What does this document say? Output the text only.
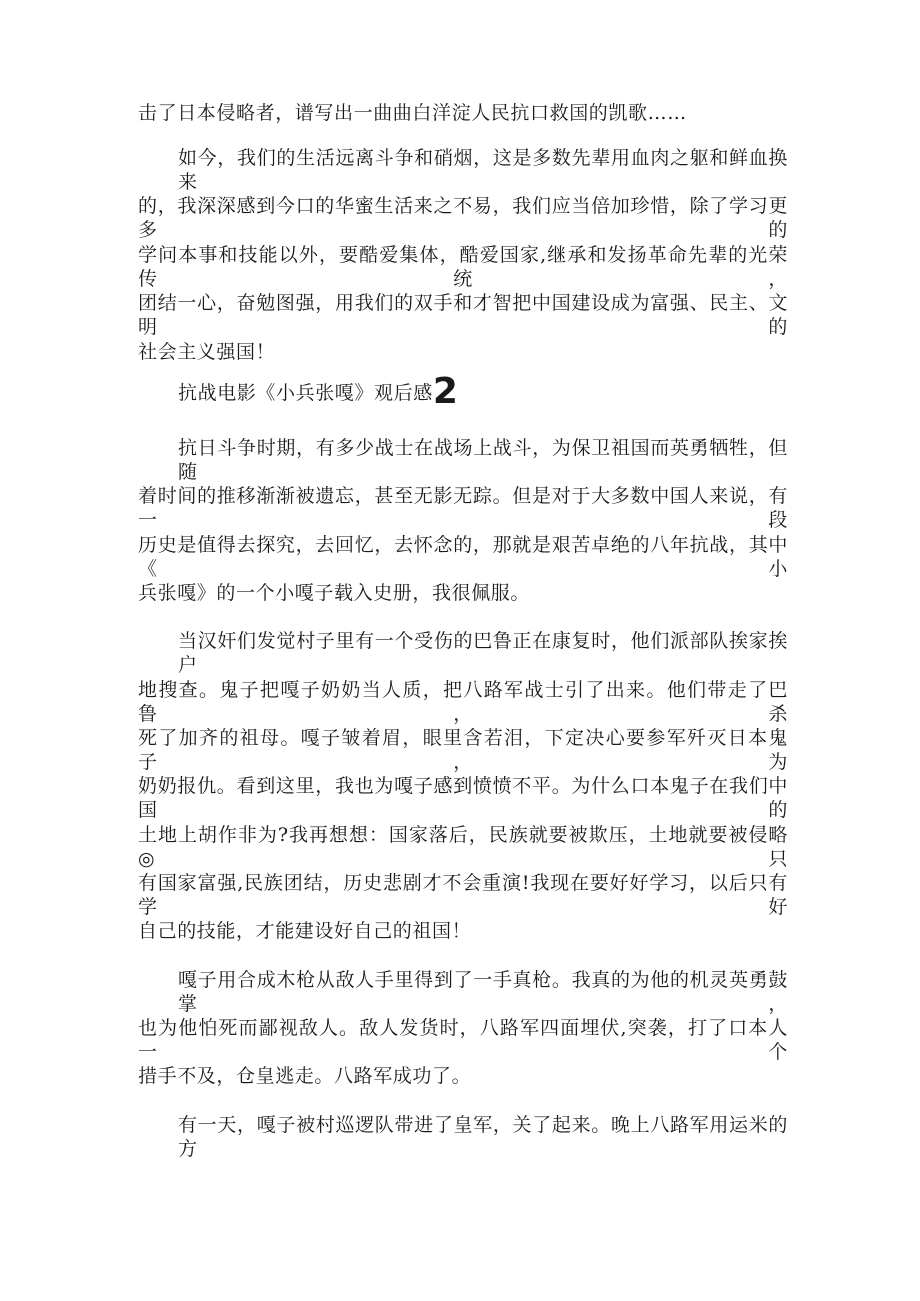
击了日本侵略者，谱写出一曲曲白洋淀人民抗口救国的凯歌……
如今，我们的生活远离斗争和硝烟，这是多数先辈用血肉之躯和鲜血换来
的，我深深感到今口的华蜜生活来之不易，我们应当倍加珍惜，除了学习更多的
学问本事和技能以外，要酷爱集体，酷爱国家,继承和发扬革命先辈的光荣传统，
团结一心，奋勉图强，用我们的双手和才智把中国建设成为富强、民主、文明的
社会主义强国！
抗战电影《小兵张嘎》观后感2
抗日斗争时期，有多少战士在战场上战斗，为保卫祖国而英勇牺牲，但随
着时间的推移渐渐被遗忘，甚至无影无踪。但是对于大多数中国人来说，有一段
历史是值得去探究，去回忆，去怀念的，那就是艰苦卓绝的八年抗战，其中《小
兵张嘎》的一个小嘎子载入史册，我很佩服。
当汉奸们发觉村子里有一个受伤的巴鲁正在康复时，他们派部队挨家挨户
地搜查。鬼子把嘎子奶奶当人质，把八路军战士引了出来。他们带走了巴鲁，杀
死了加齐的祖母。嘎子皱着眉，眼里含若泪，下定决心要参军歼灭日本鬼子，为
奶奶报仇。看到这里，我也为嘎子感到愤愤不平。为什么口本鬼子在我们中国的
土地上胡作非为?我再想想：国家落后，民族就要被欺压，土地就要被侵略◎只
有国家富强,民族团结，历史悲剧才不会重演!我现在要好好学习，以后只有学好
自己的技能，才能建设好自己的祖国！
嘎子用合成木枪从敌人手里得到了一手真枪。我真的为他的机灵英勇鼓掌，
也为他怕死而鄙视敌人。敌人发货时，八路军四面埋伏,突袭，打了口本人一个
措手不及，仓皇逃走。八路军成功了。
有一天，嘎子被村巡逻队带进了皇军，关了起来。晚上八路军用运米的方
